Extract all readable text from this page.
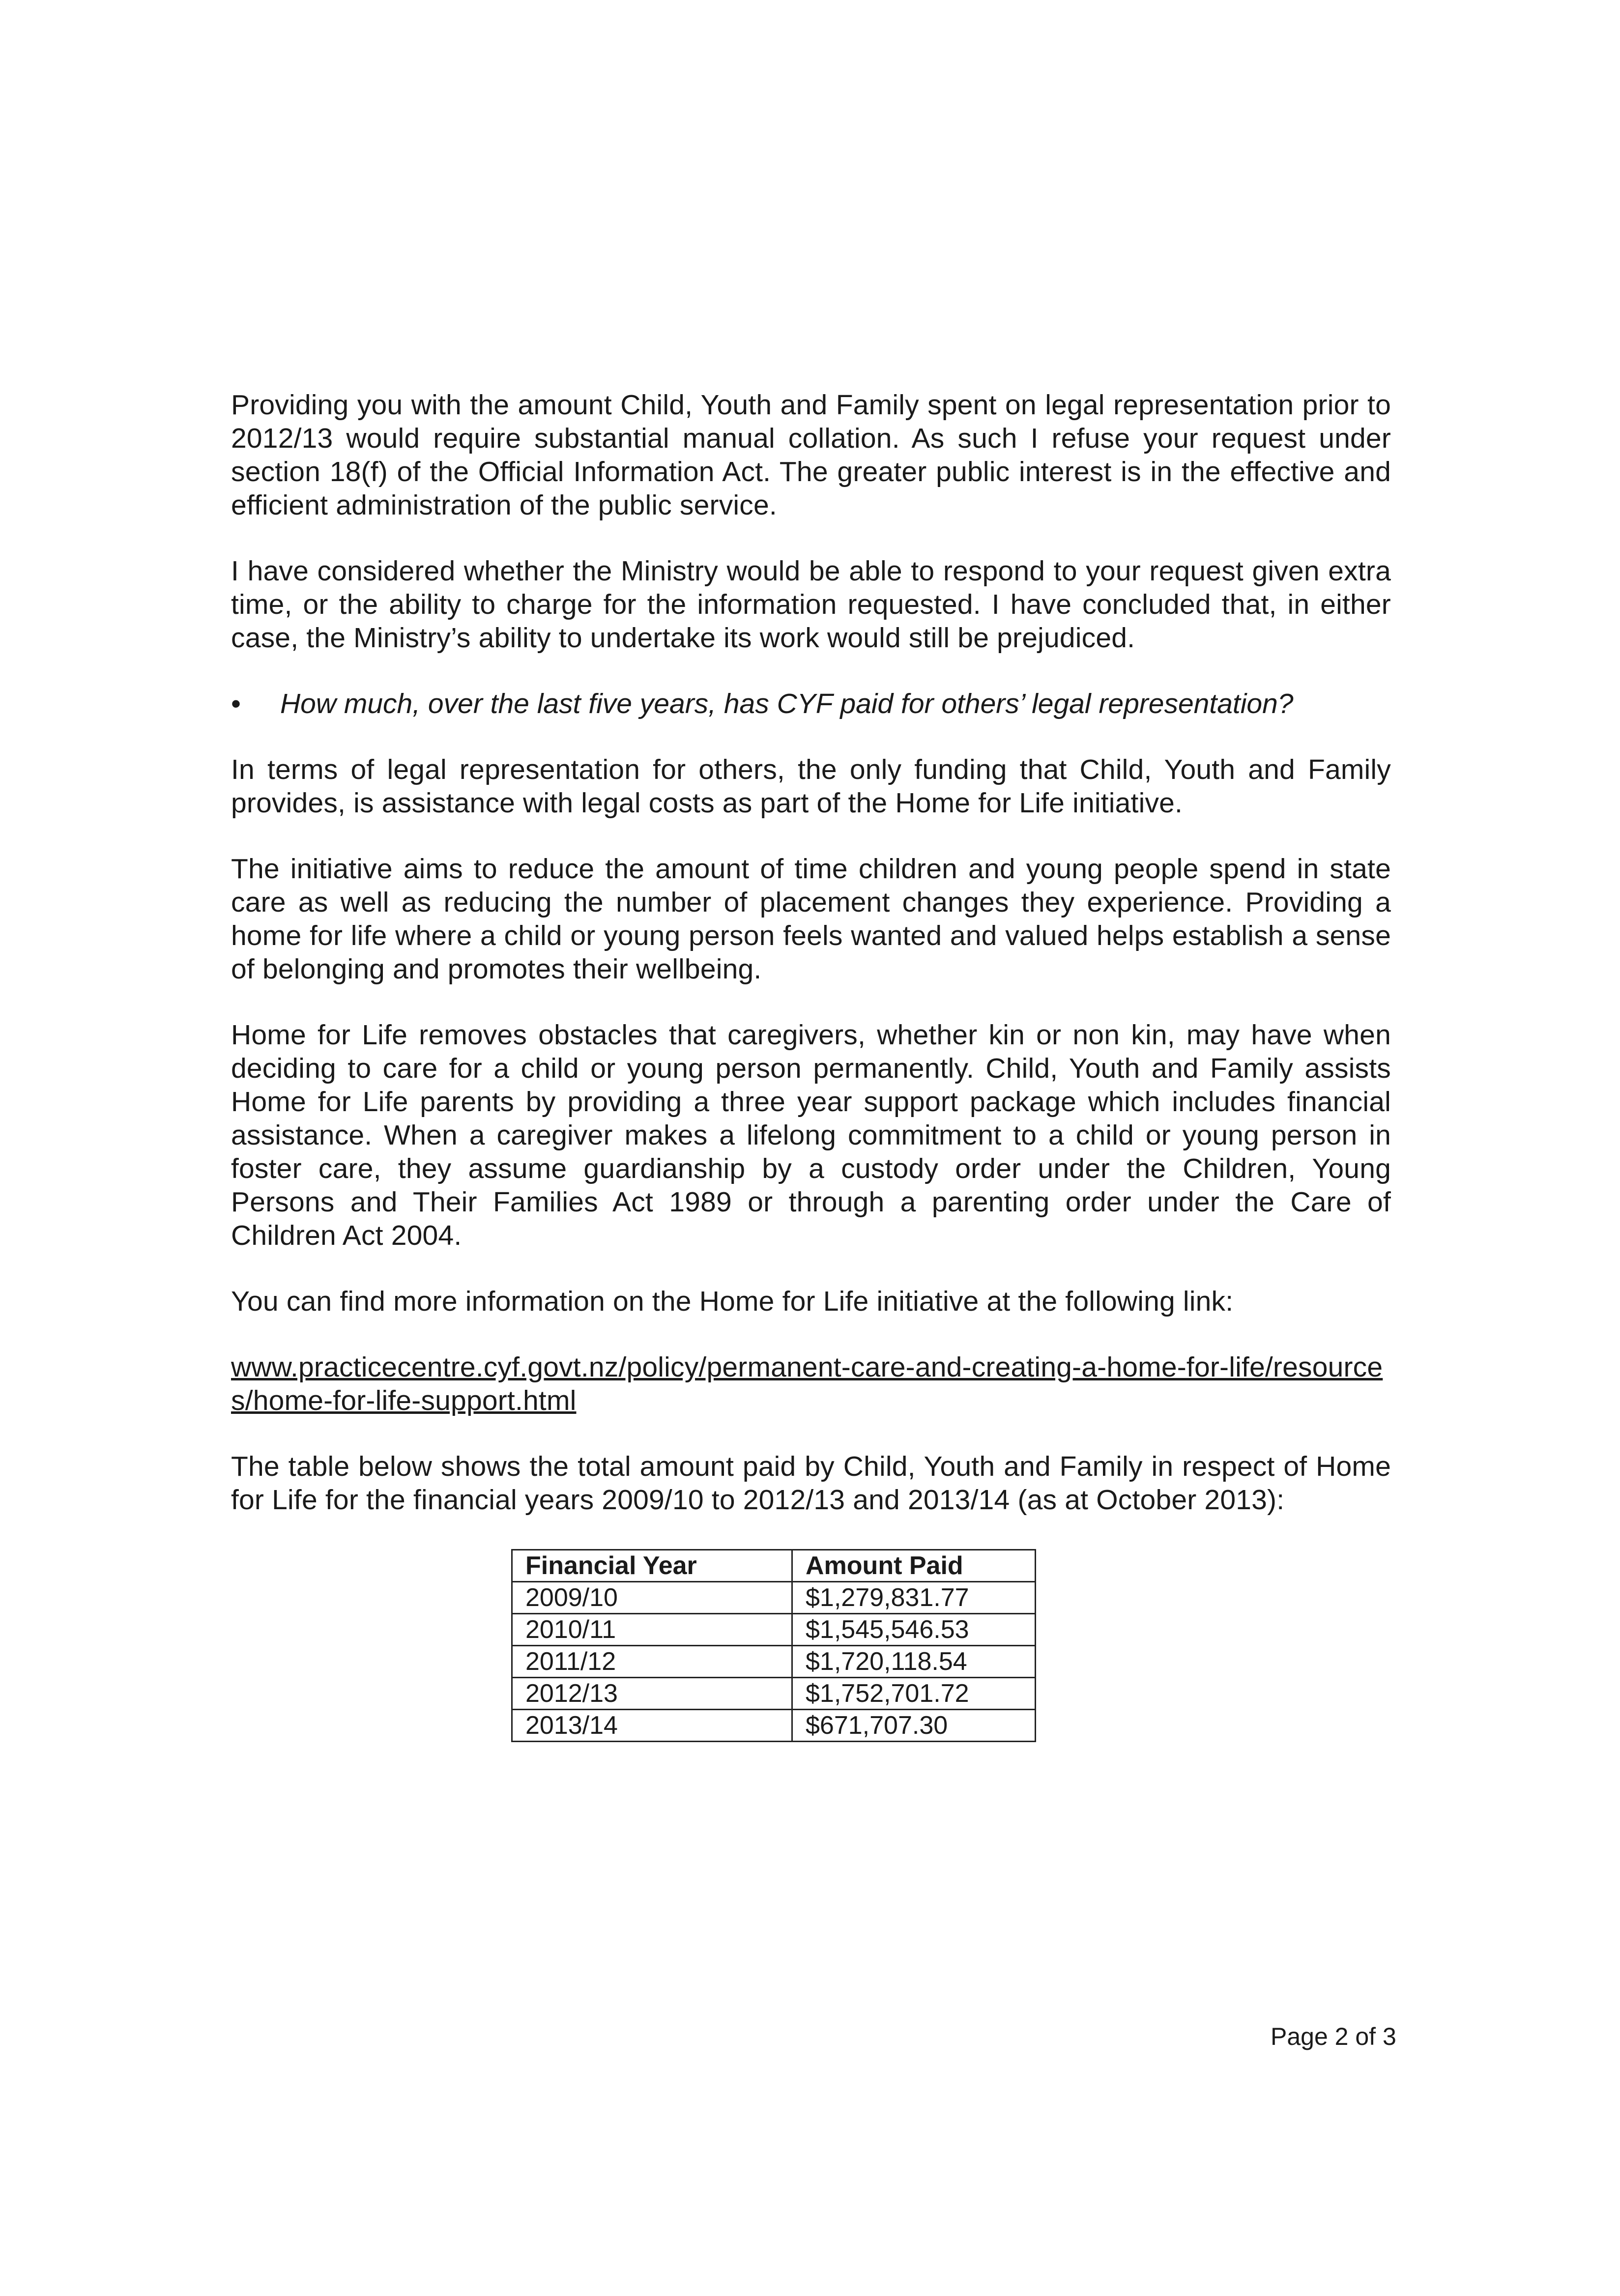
Providing you with the amount Child, Youth and Family spent on legal representation prior to 2012/13 would require substantial manual collation. As such I refuse your request under section 18(f) of the Official Information Act. The greater public interest is in the effective and efficient administration of the public service.

I have considered whether the Ministry would be able to respond to your request given extra time, or the ability to charge for the information requested. I have concluded that, in either case, the Ministry’s ability to undertake its work would still be prejudiced.

•	How much, over the last five years, has CYF paid for others’ legal representation?

In terms of legal representation for others, the only funding that Child, Youth and Family provides, is assistance with legal costs as part of the Home for Life initiative.

The initiative aims to reduce the amount of time children and young people spend in state care as well as reducing the number of placement changes they experience. Providing a home for life where a child or young person feels wanted and valued helps establish a sense of belonging and promotes their wellbeing.

Home for Life removes obstacles that caregivers, whether kin or non kin, may have when deciding to care for a child or young person permanently. Child, Youth and Family assists Home for Life parents by providing a three year support package which includes financial assistance. When a caregiver makes a lifelong commitment to a child or young person in foster care, they assume guardianship by a custody order under the Children, Young Persons and Their Families Act 1989 or through a parenting order under the Care of Children Act 2004.

You can find more information on the Home for Life initiative at the following link:

www.practicecentre.cyf.govt.nz/policy/permanent-care-and-creating-a-home-for-life/resources/home-for-life-support.html

The table below shows the total amount paid by Child, Youth and Family in respect of Home for Life for the financial years 2009/10 to 2012/13 and 2013/14 (as at October 2013):

Financial Year	Amount Paid
2009/10	$1,279,831.77
2010/11	$1,545,546.53
2011/12	$1,720,118.54
2012/13	$1,752,701.72
2013/14	$671,707.30
Page 2 of 3
